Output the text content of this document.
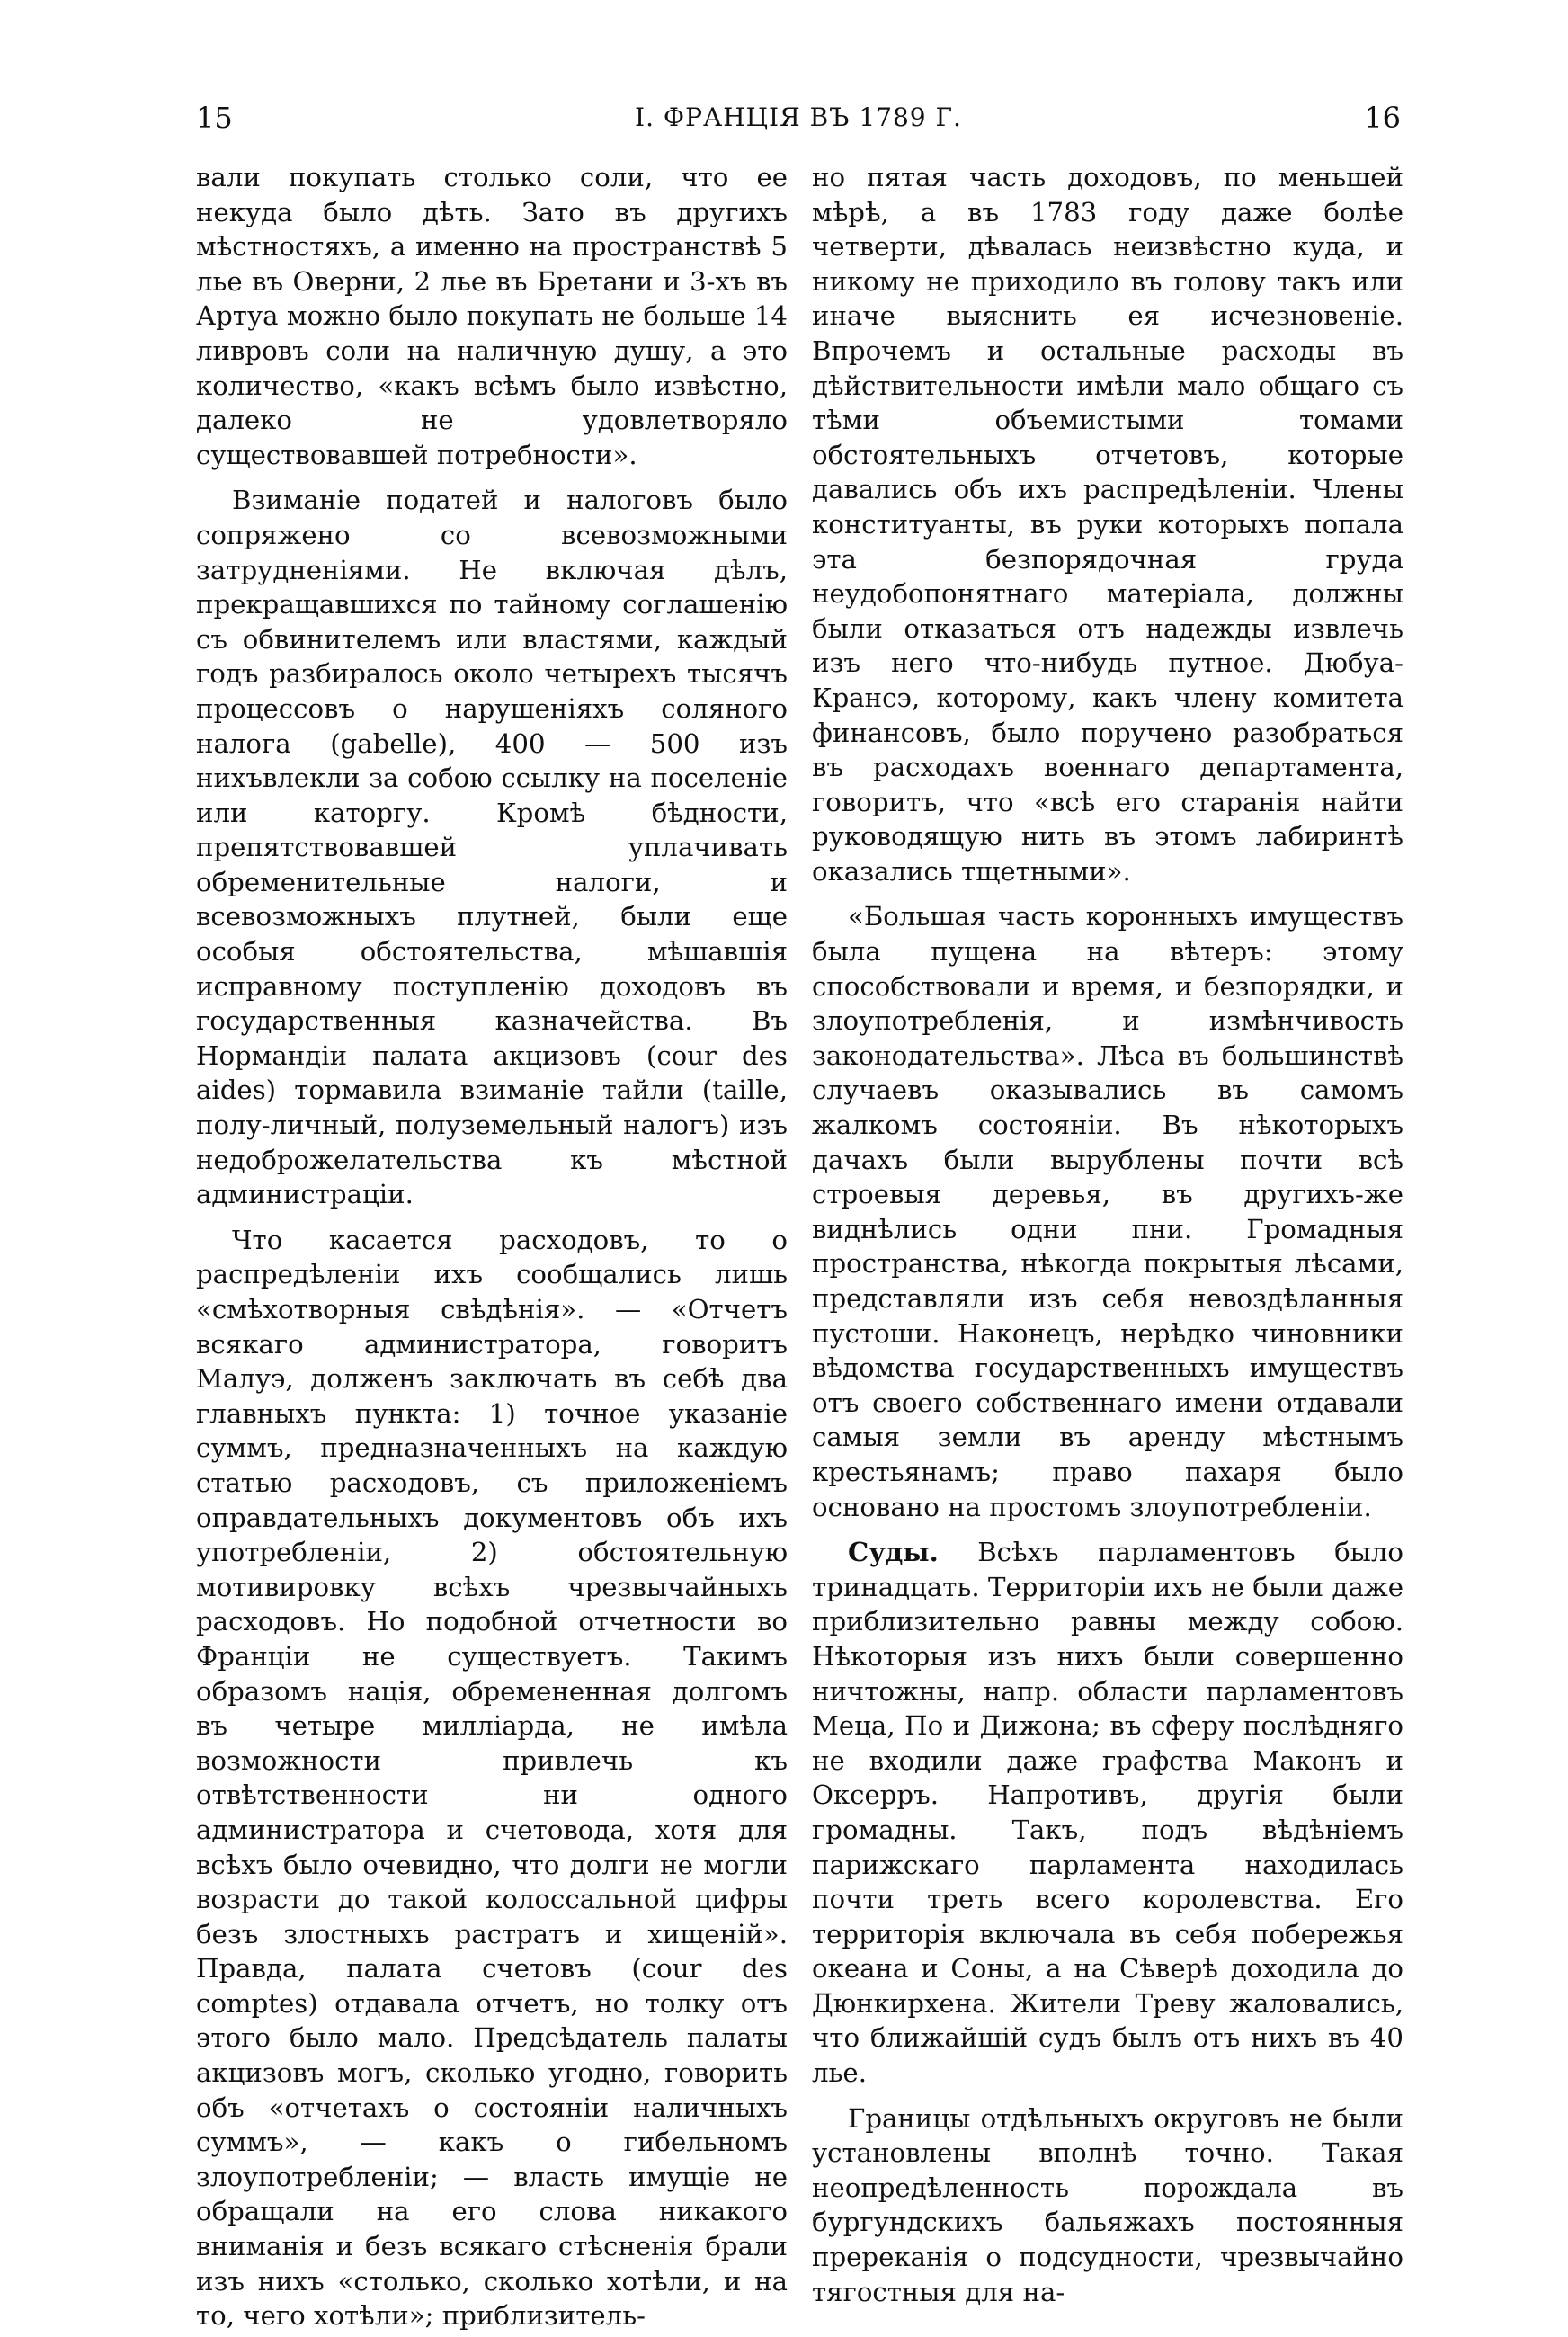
15	I. ФРАНЦІЯ ВЪ 1789 Г.	16

вали покупать столько соли, что ее некуда было дѣть. Зато въ другихъ мѣстностяхъ, а именно на пространствѣ 5 лье въ Оверни, 2 лье въ Бретани и 3-хъ въ Артуа можно было покупать не больше 14 ливровъ соли на наличную душу, а это количество, «какъ всѣмъ было извѣстно, далеко не удовлетворяло существовавшей потребности».

Взиманіе податей и налоговъ было сопряжено со всевозможными затрудненіями. Не включая дѣлъ, прекращавшихся по тайному соглашенію съ обвинителемъ или властями, каждый годъ разбиралось около четырехъ тысячъ процессовъ о нарушеніяхъ соляного налога (gabelle), 400 — 500 изъ нихъвлекли за собою ссылку на поселеніе или каторгу. Кромѣ бѣдности, препятствовавшей уплачивать обременительные налоги, и всевозможныхъ плутней, были еще особыя обстоятельства, мѣшавшія исправному поступленію доходовъ въ государственныя казначейства. Въ Нормандіи палата акцизовъ (cour des aides) тормавила взиманіе тайли (taille, полу-личный, полуземельный налогъ) изъ недоброжелательства къ мѣстной администраціи.

Что касается расходовъ, то о распредѣленіи ихъ сообщались лишь «смѣхотворныя свѣдѣнія». — «Отчетъ всякаго администратора, говоритъ Малуэ, долженъ заключать въ себѣ два главныхъ пункта: 1) точное указаніе суммъ, предназначенныхъ на каждую статью расходовъ, съ приложеніемъ оправдательныхъ документовъ объ ихъ употребленіи, 2) обстоятельную мотивировку всѣхъ чрезвычайныхъ расходовъ. Но подобной отчетности во Франціи не существуетъ. Такимъ образомъ нація, обремененная долгомъ въ четыре милліарда, не имѣла возможности привлечь къ отвѣтственности ни одного администратора и счетовода, хотя для всѣхъ было очевидно, что долги не могли возрасти до такой колоссальной цифры безъ злостныхъ растратъ и хищеній». Правда, палата счетовъ (cour des comptes) отдавала отчетъ, но толку отъ этого было мало. Предсѣдатель палаты акцизовъ могъ, сколько угодно, говорить объ «отчетахъ о состояніи наличныхъ суммъ», — какъ о гибельномъ злоупотребленіи; — власть имущіе не обращали на его слова никакого вниманія и безъ всякаго стѣсненія брали изъ нихъ «столько, сколько хотѣли, и на то, чего хотѣли»; приблизитель-

но пятая часть доходовъ, по меньшей мѣрѣ, а въ 1783 году даже болѣе четверти, дѣвалась неизвѣстно куда, и никому не приходило въ голову такъ или иначе выяснить ея исчезновеніе. Впрочемъ и остальные расходы въ дѣйствительности имѣли мало общаго съ тѣми объемистыми томами обстоятельныхъ отчетовъ, которые давались объ ихъ распредѣленіи. Члены конституанты, въ руки которыхъ попала эта безпорядочная груда неудобопонятнаго матеріала, должны были отказаться отъ надежды извлечь изъ него что-нибудь путное. Дюбуа-Крансэ, которому, какъ члену комитета финансовъ, было поручено разобраться въ расходахъ военнаго департамента, говоритъ, что «всѣ его старанія найти руководящую нить въ этомъ лабиринтѣ оказались тщетными».

«Большая часть коронныхъ имуществъ была пущена на вѣтеръ: этому способствовали и время, и безпорядки, и злоупотребленія, и измѣнчивость законодательства». Лѣса въ большинствѣ случаевъ оказывались въ самомъ жалкомъ состояніи. Въ нѣкоторыхъ дачахъ были вырублены почти всѣ строевыя деревья, въ другихъ-же виднѣлись одни пни. Громадныя пространства, нѣкогда покрытыя лѣсами, представляли изъ себя невоздѣланныя пустоши. Наконецъ, нерѣдко чиновники вѣдомства государственныхъ имуществъ отъ своего собственнаго имени отдавали самыя земли въ аренду мѣстнымъ крестьянамъ; право пахаря было основано на простомъ злоупотребленіи.

Суды. Всѣхъ парламентовъ было тринадцать. Территоріи ихъ не были даже приблизительно равны между собою. Нѣкоторыя изъ нихъ были совершенно ничтожны, напр. области парламентовъ Меца, По и Дижона; въ сферу послѣдняго не входили даже графства Маконъ и Оксерръ. Напротивъ, другія были громадны. Такъ, подъ вѣдѣніемъ парижскаго парламента находилась почти треть всего королевства. Его территорія включала въ себя побережья океана и Соны, а на Сѣверѣ доходила до Дюнкирхена. Жители Треву жаловались, что ближайшій судъ былъ отъ нихъ въ 40 лье.

Границы отдѣльныхъ округовъ не были установлены вполнѣ точно. Такая неопредѣленность порождала въ бургундскихъ бальяжахъ постоянныя пререканія о подсудности, чрезвычайно тягостныя для на-
